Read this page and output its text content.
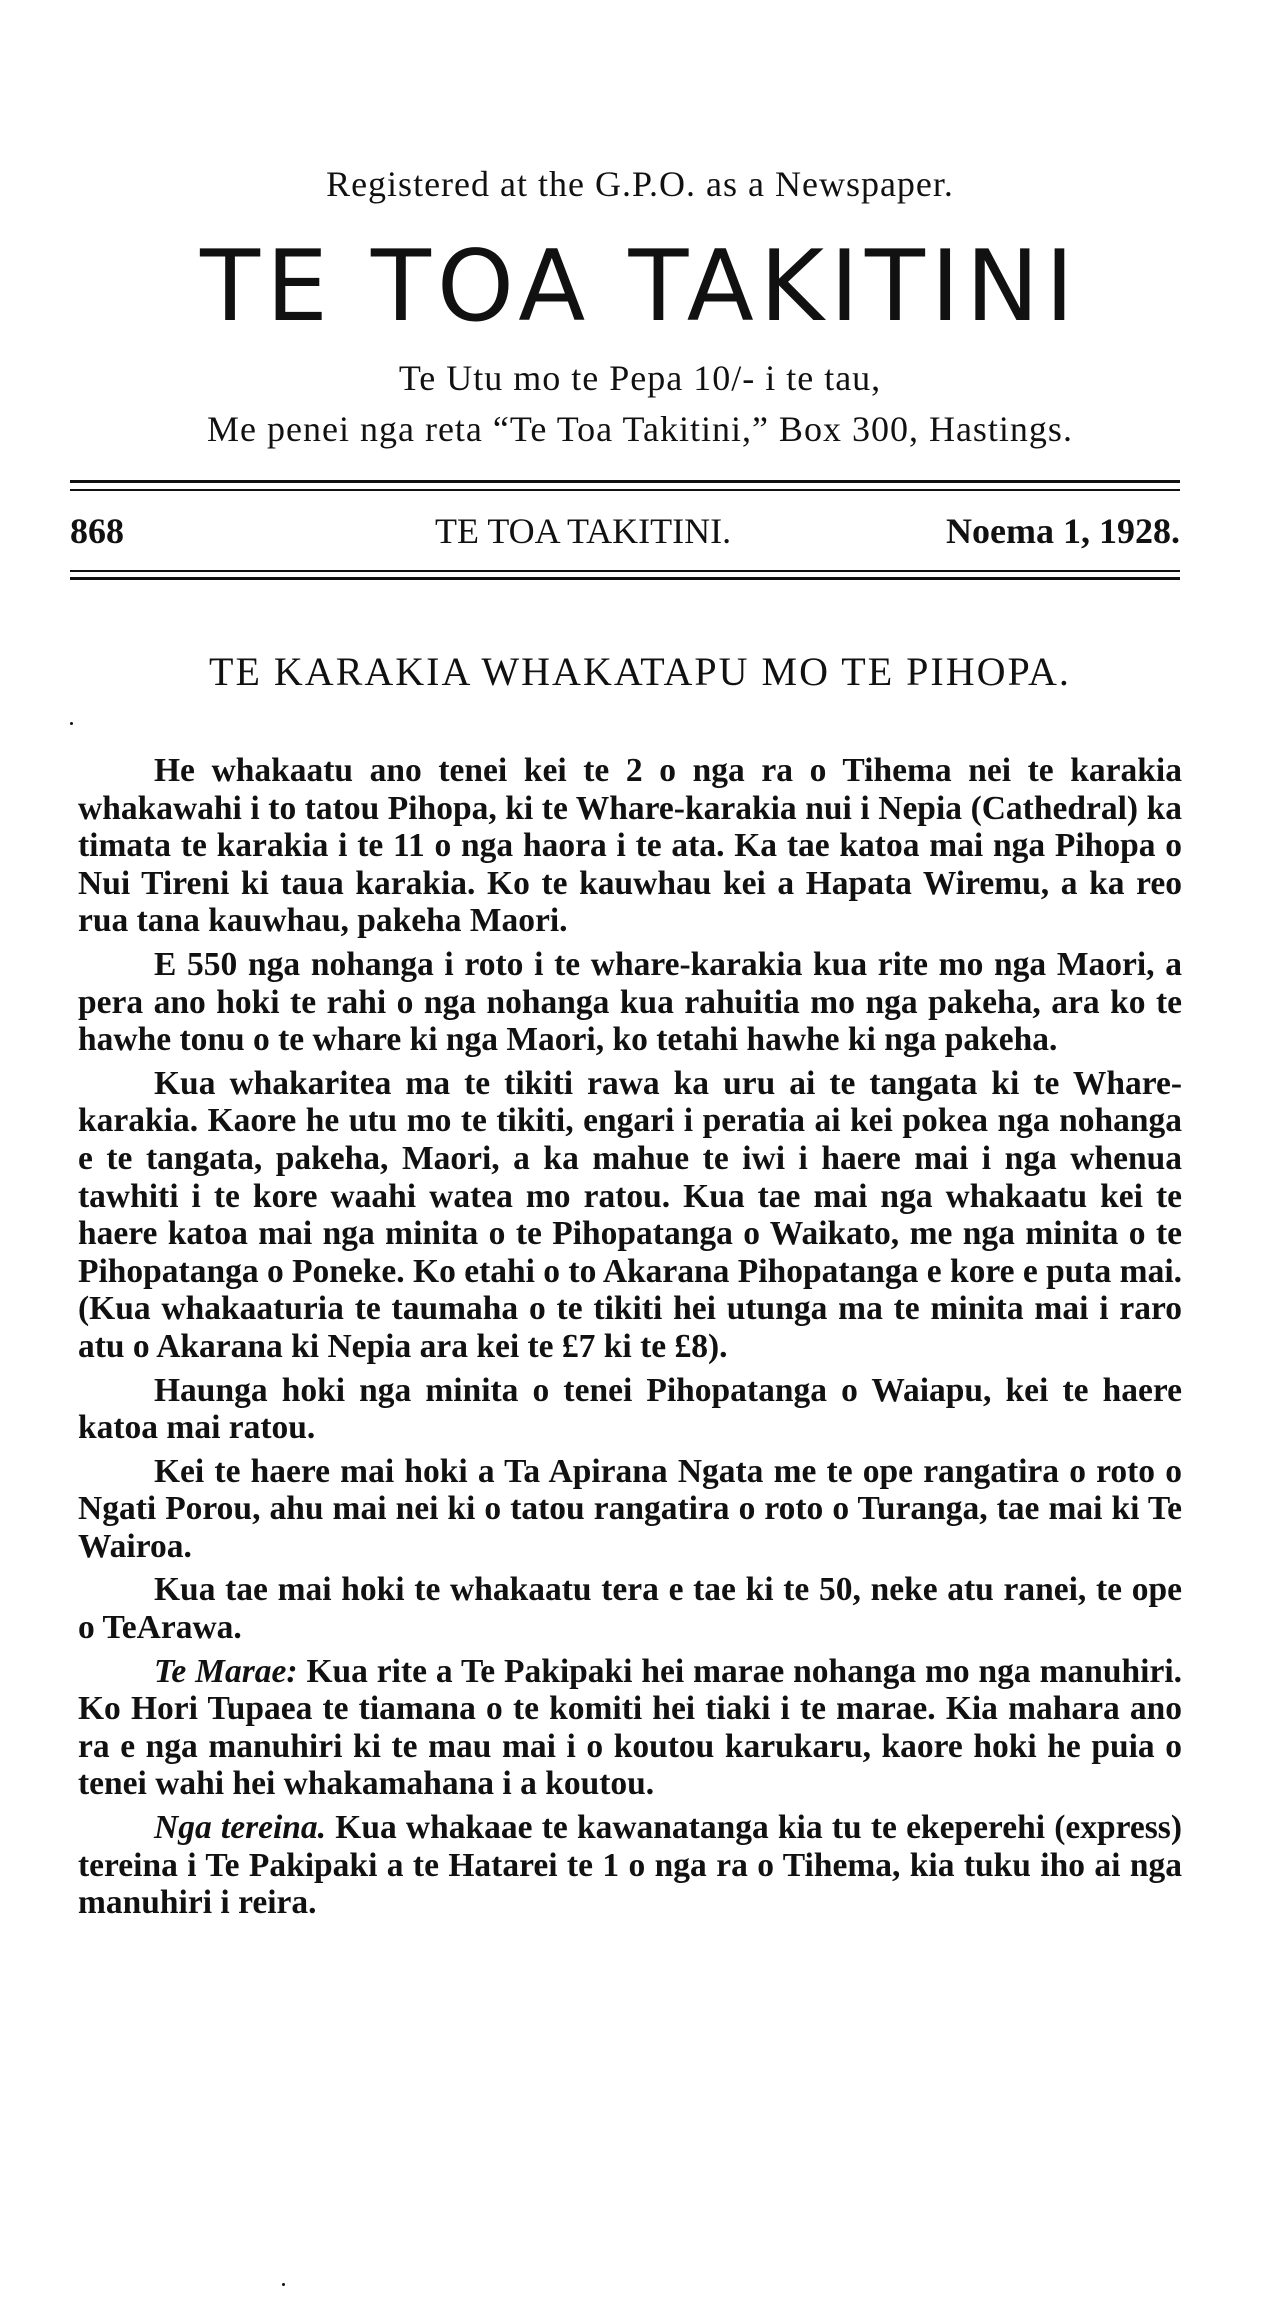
Registered at the G.P.O. as a Newspaper.
TE TOA TAKITINI
Te Utu mo te Pepa 10/- i te tau,
Me penei nga reta “Te Toa Takitini,” Box 300, Hastings.
868	TE TOA TAKITINI.	Noema 1, 1928.
TE KARAKIA WHAKATAPU MO TE PIHOPA.

He whakaatu ano tenei kei te 2 o nga ra o Tihema nei te karakia whakawahi i to tatou Pihopa, ki te Whare-karakia nui i Nepia (Cathedral) ka timata te karakia i te 11 o nga haora i te ata. Ka tae katoa mai nga Pihopa o Nui Tireni ki taua karakia. Ko te kauwhau kei a Hapata Wiremu, a ka reo rua tana kauwhau, pakeha Maori.

E 550 nga nohanga i roto i te whare-karakia kua rite mo nga Maori, a pera ano hoki te rahi o nga nohanga kua rahuitia mo nga pakeha, ara ko te hawhe tonu o te whare ki nga Maori, ko tetahi hawhe ki nga pakeha.

Kua whakaritea ma te tikiti rawa ka uru ai te tangata ki te Whare-karakia. Kaore he utu mo te tikiti, engari i peratia ai kei pokea nga nohanga e te tangata, pakeha, Maori, a ka mahue te iwi i haere mai i nga whenua tawhiti i te kore waahi watea mo ratou. Kua tae mai nga whakaatu kei te haere katoa mai nga minita o te Pihopatanga o Waikato, me nga minita o te Pihopatanga o Poneke. Ko etahi o to Akarana Pihopatanga e kore e puta mai. (Kua whakaaturia te taumaha o te tikiti hei utunga ma te minita mai i raro atu o Akarana ki Nepia ara kei te £7 ki te £8).

Haunga hoki nga minita o tenei Pihopatanga o Waiapu, kei te haere katoa mai ratou.

Kei te haere mai hoki a Ta Apirana Ngata me te ope rangatira o roto o Ngati Porou, ahu mai nei ki o tatou rangatira o roto o Turanga, tae mai ki Te Wairoa.

Kua tae mai hoki te whakaatu tera e tae ki te 50, neke atu ranei, te ope o TeArawa.

Te Marae: Kua rite a Te Pakipaki hei marae nohanga mo nga manuhiri. Ko Hori Tupaea te tiamana o te komiti hei tiaki i te marae. Kia mahara ano ra e nga manuhiri ki te mau mai i o koutou karukaru, kaore hoki he puia o tenei wahi hei whakamahana i a koutou.

Nga tereina. Kua whakaae te kawanatanga kia tu te ekeperehi (express) tereina i Te Pakipaki a te Hatarei te 1 o nga ra o Tihema, kia tuku iho ai nga manuhiri i reira.
